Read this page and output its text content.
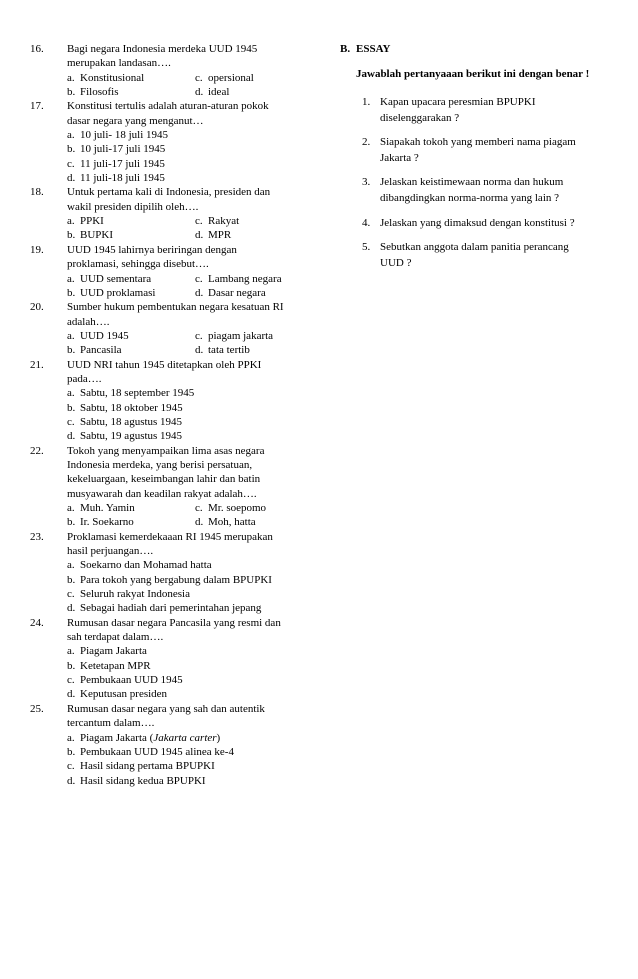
16. Bagi negara Indonesia merdeka UUD 1945
merupakan landasan….
a. Konstitusional	c. opersional
b. Filosofis	d. ideal
17. Konstitusi tertulis adalah aturan-aturan pokok
dasar negara yang menganut…
a. 10 juli- 18 juli 1945
b. 10 juli-17 juli 1945
c. 11 juli-17 juli 1945
d. 11 juli-18 juli 1945
18. Untuk pertama kali di Indonesia, presiden dan
wakil presiden dipilih oleh….
a. PPKI	c. Rakyat
b. BUPKI	d. MPR
19. UUD 1945 lahirnya beriringan dengan
proklamasi, sehingga disebut….
a. UUD sementara	c. Lambang negara
b. UUD proklamasi	d. Dasar negara
20. Sumber hukum pembentukan negara kesatuan RI
adalah….
a. UUD 1945	c. piagam jakarta
b. Pancasila	d. tata tertib
21. UUD NRI tahun 1945 ditetapkan oleh PPKI
pada….
a. Sabtu, 18 september 1945
b. Sabtu, 18 oktober 1945
c. Sabtu, 18 agustus 1945
d. Sabtu, 19 agustus 1945
22. Tokoh yang menyampaikan lima asas negara
Indonesia merdeka, yang berisi persatuan,
kekeluargaan, keseimbangan lahir dan batin
musyawarah dan keadilan rakyat adalah….
a. Muh. Yamin	c. Mr. soepomo
b. Ir. Soekarno	d. Moh, hatta
23. Proklamasi kemerdekaaan RI 1945 merupakan
hasil perjuangan….
a. Soekarno dan Mohamad hatta
b. Para tokoh yang bergabung dalam BPUPKI
c. Seluruh rakyat Indonesia
d. Sebagai hadiah dari pemerintahan jepang
24. Rumusan dasar negara Pancasila yang resmi dan
sah terdapat dalam….
a. Piagam Jakarta
b. Ketetapan MPR
c. Pembukaan UUD 1945
d. Keputusan presiden
25. Rumusan dasar negara yang sah dan autentik
tercantum dalam….
a. Piagam Jakarta (Jakarta carter)
b. Pembukaan UUD 1945 alinea ke-4
c. Hasil sidang pertama BPUPKI
d. Hasil sidang kedua BPUPKI
B. ESSAY
Jawablah pertanyaaan berikut ini dengan benar !
1. Kapan upacara peresmian BPUPKI
diselenggarakan ?
2. Siapakah tokoh yang memberi nama piagam
Jakarta ?
3. Jelaskan keistimewaan norma dan hukum
dibangdingkan norma-norma yang lain ?
4. Jelaskan yang dimaksud dengan konstitusi ?
5. Sebutkan anggota dalam panitia perancang
UUD ?
